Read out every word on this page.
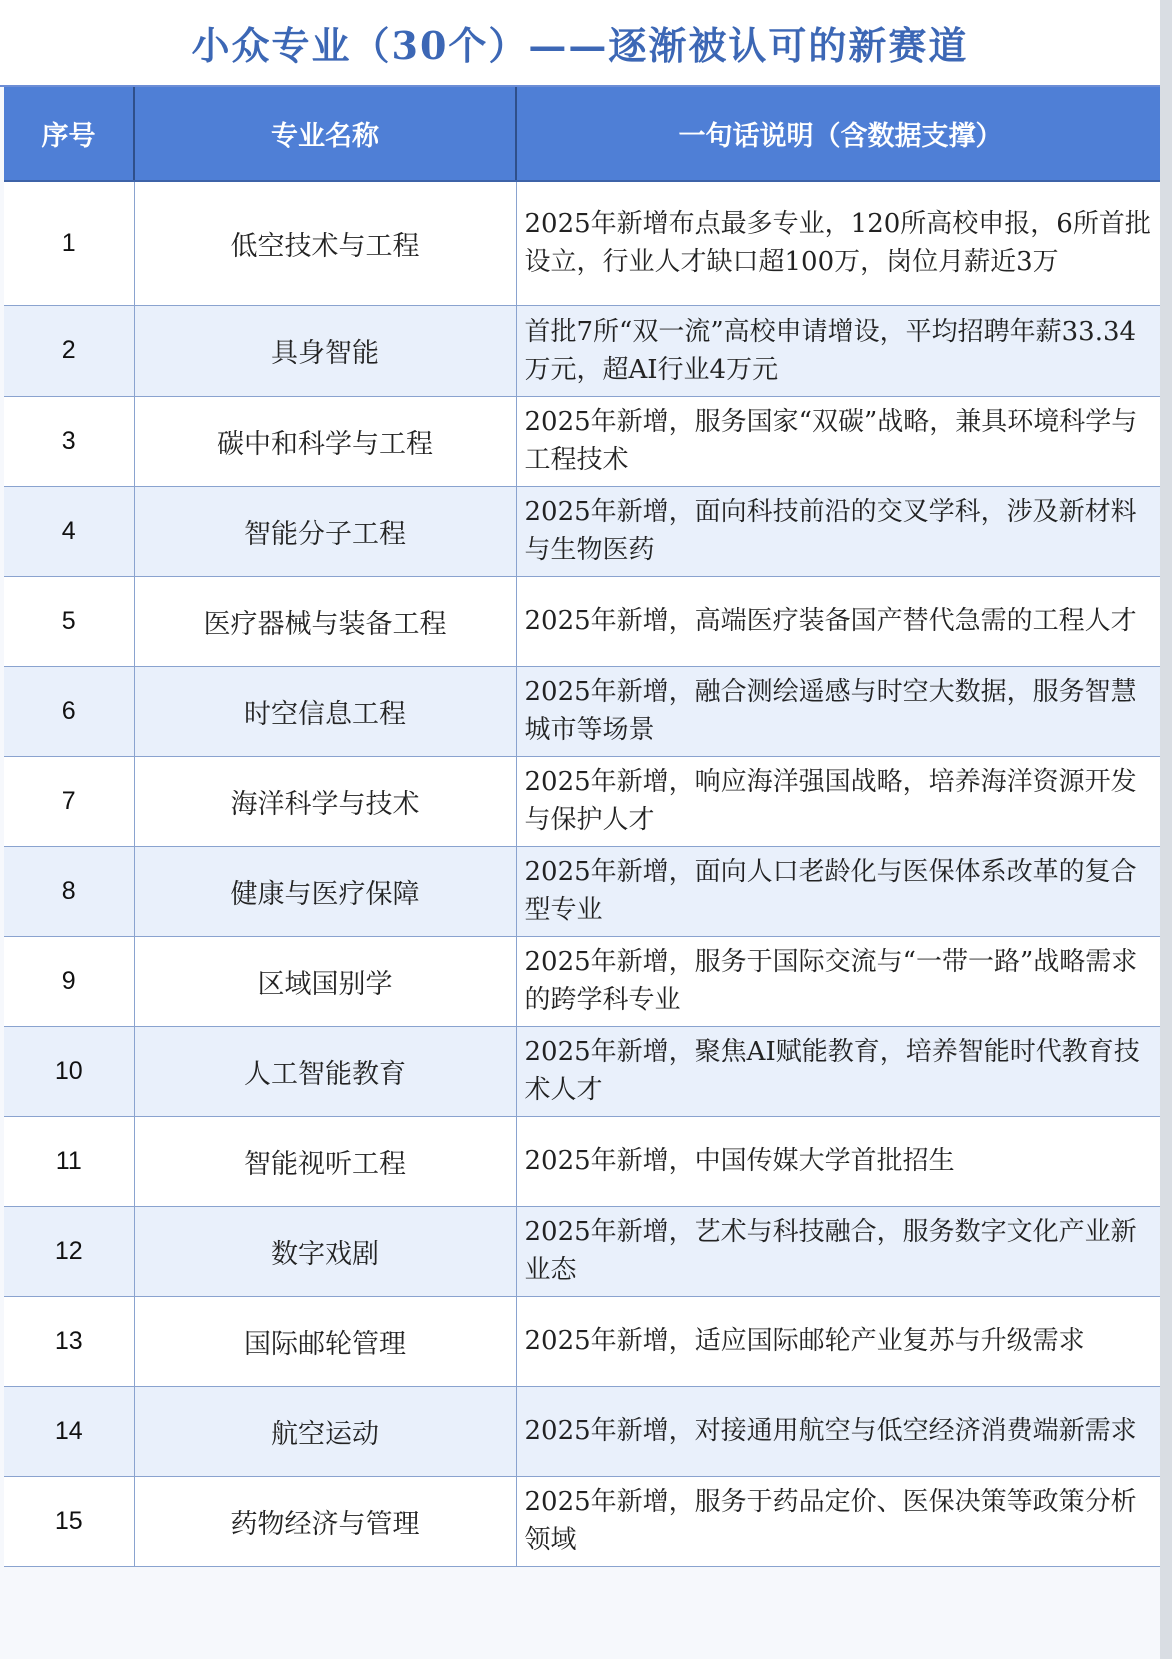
小众专业（30个）——逐渐被认可的新赛道
序号	专业名称	一句话说明（含数据支撑）
1	低空技术与工程	2025年新增布点最多专业，120所高校申报，6所首批设立，行业人才缺口超100万，岗位月薪近3万
2	具身智能	首批7所“双一流”高校申请增设，平均招聘年薪33.34万元，超AI行业4万元
3	碳中和科学与工程	2025年新增，服务国家“双碳”战略，兼具环境科学与工程技术
4	智能分子工程	2025年新增，面向科技前沿的交叉学科，涉及新材料与生物医药
5	医疗器械与装备工程	2025年新增，高端医疗装备国产替代急需的工程人才
6	时空信息工程	2025年新增，融合测绘遥感与时空大数据，服务智慧城市等场景
7	海洋科学与技术	2025年新增，响应海洋强国战略，培养海洋资源开发与保护人才
8	健康与医疗保障	2025年新增，面向人口老龄化与医保体系改革的复合型专业
9	区域国别学	2025年新增，服务于国际交流与“一带一路”战略需求的跨学科专业
10	人工智能教育	2025年新增，聚焦AI赋能教育，培养智能时代教育技术人才
11	智能视听工程	2025年新增，中国传媒大学首批招生
12	数字戏剧	2025年新增，艺术与科技融合，服务数字文化产业新业态
13	国际邮轮管理	2025年新增，适应国际邮轮产业复苏与升级需求
14	航空运动	2025年新增，对接通用航空与低空经济消费端新需求
15	药物经济与管理	2025年新增，服务于药品定价、医保决策等政策分析领域
